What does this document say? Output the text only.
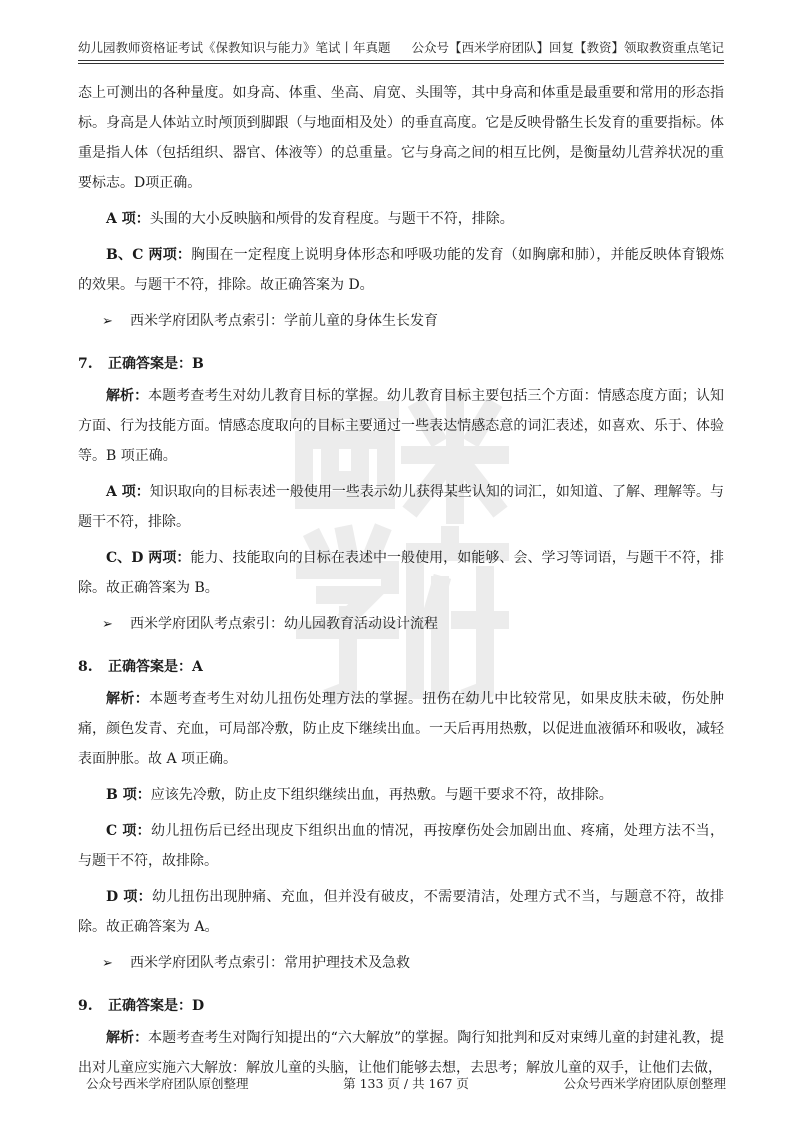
幼儿园教师资格证考试《保教知识与能力》笔试丨年真题 公众号【西米学府团队】回复【教资】领取教资重点笔记

态上可测出的各种量度。如身高、体重、坐高、肩宽、头围等，其中身高和体重是最重要和常用的形态指标。身高是人体站立时颅顶到脚跟（与地面相及处）的垂直高度。它是反映骨骼生长发育的重要指标。体重是指人体（包括组织、器官、体液等）的总重量。它与身高之间的相互比例，是衡量幼儿营养状况的重要标志。D项正确。

A 项：头围的大小反映脑和颅骨的发育程度。与题干不符，排除。

B、C 两项：胸围在一定程度上说明身体形态和呼吸功能的发育（如胸廓和肺），并能反映体育锻炼的效果。与题干不符，排除。故正确答案为 D。

➢ 西米学府团队考点索引：学前儿童的身体生长发育

7. 正确答案是：B

解析：本题考查考生对幼儿教育目标的掌握。幼儿教育目标主要包括三个方面：情感态度方面；认知方面、行为技能方面。情感态度取向的目标主要通过一些表达情感态意的词汇表述，如喜欢、乐于、体验等。B 项正确。

A 项：知识取向的目标表述一般使用一些表示幼儿获得某些认知的词汇，如知道、了解、理解等。与题干不符，排除。

C、D 两项：能力、技能取向的目标在表述中一般使用，如能够、会、学习等词语，与题干不符，排除。故正确答案为 B。

➢ 西米学府团队考点索引：幼儿园教育活动设计流程

8. 正确答案是：A

解析：本题考查考生对幼儿扭伤处理方法的掌握。扭伤在幼儿中比较常见，如果皮肤未破，伤处肿痛，颜色发青、充血，可局部冷敷，防止皮下继续出血。一天后再用热敷，以促进血液循环和吸收，减轻表面肿胀。故 A 项正确。

B 项：应该先冷敷，防止皮下组织继续出血，再热敷。与题干要求不符，故排除。

C 项：幼儿扭伤后已经出现皮下组织出血的情况，再按摩伤处会加剧出血、疼痛，处理方法不当，与题干不符，故排除。

D 项：幼儿扭伤出现肿痛、充血，但并没有破皮，不需要清洁，处理方式不当，与题意不符，故排除。故正确答案为 A。

➢ 西米学府团队考点索引：常用护理技术及急救

9. 正确答案是：D

解析：本题考查考生对陶行知提出的“六大解放”的掌握。陶行知批判和反对束缚儿童的封建礼教，提出对儿童应实施六大解放：解放儿童的头脑，让他们能够去想，去思考；解放儿童的双手，让他们去做，

公众号西米学府团队原创整理	第 133 页 / 共 167 页	公众号西米学府团队原创整理
